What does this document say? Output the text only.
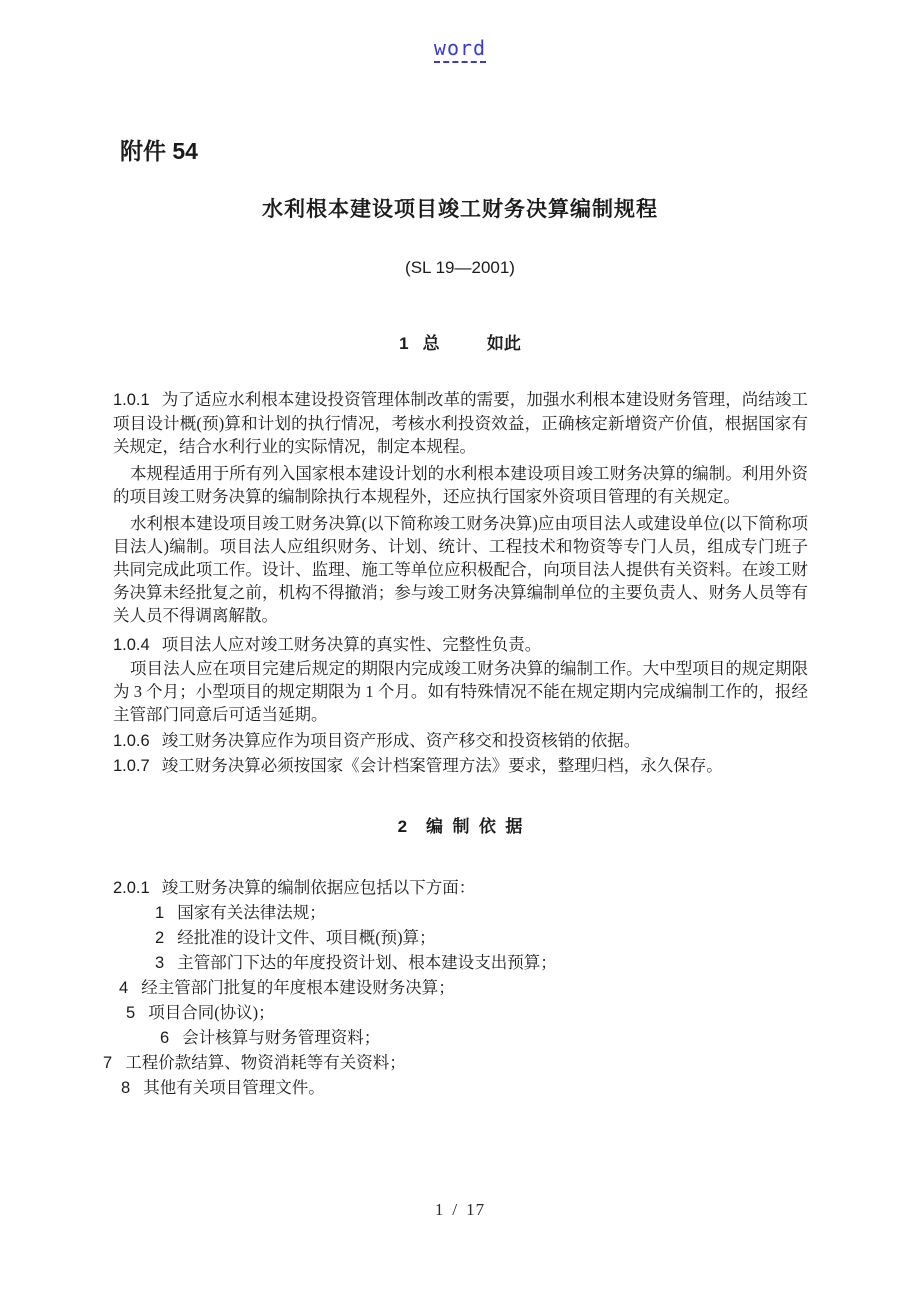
word
附件 54
水利根本建设项目竣工财务决算编制规程
(SL 19—2001)
1   总          如此

1.0.1 为了适应水利根本建设投资管理体制改革的需要，加强水利根本建设财务管理，尚结竣工项目设计概(预)算和计划的执行情况，考核水利投资效益，正确核定新增资产价值，根据国家有关规定，结合水利行业的实际情况，制定本规程。

本规程适用于所有列入国家根本建设计划的水利根本建设项目竣工财务决算的编制。利用外资的项目竣工财务决算的编制除执行本规程外，还应执行国家外资项目管理的有关规定。

水利根本建设项目竣工财务决算(以下简称竣工财务决算)应由项目法人或建设单位(以下简称项目法人)编制。项目法人应组织财务、计划、统计、工程技术和物资等专门人员，组成专门班子共同完成此项工作。设计、监理、施工等单位应积极配合，向项目法人提供有关资料。在竣工财务决算未经批复之前，机构不得撤消；参与竣工财务决算编制单位的主要负责人、财务人员等有关人员不得调离解散。

1.0.4 项目法人应对竣工财务决算的真实性、完整性负责。

项目法人应在项目完建后规定的期限内完成竣工财务决算的编制工作。大中型项目的规定期限为 3 个月；小型项目的规定期限为 1 个月。如有特殊情况不能在规定期内完成编制工作的，报经主管部门同意后可适当延期。

1.0.6 竣工财务决算应作为项目资产形成、资产移交和投资核销的依据。

1.0.7 竣工财务决算必须按国家《会计档案管理方法》要求，整理归档，永久保存。

2    编  制  依  据

2.0.1 竣工财务决算的编制依据应包括以下方面：

1 国家有关法律法规；
2 经批准的设计文件、项目概(预)算；
3 主管部门下达的年度投资计划、根本建设支出预算；
4 经主管部门批复的年度根本建设财务决算；
5 项目合同(协议)；
6 会计核算与财务管理资料；
7 工程价款结算、物资消耗等有关资料；
8 其他有关项目管理文件。
1 / 17
